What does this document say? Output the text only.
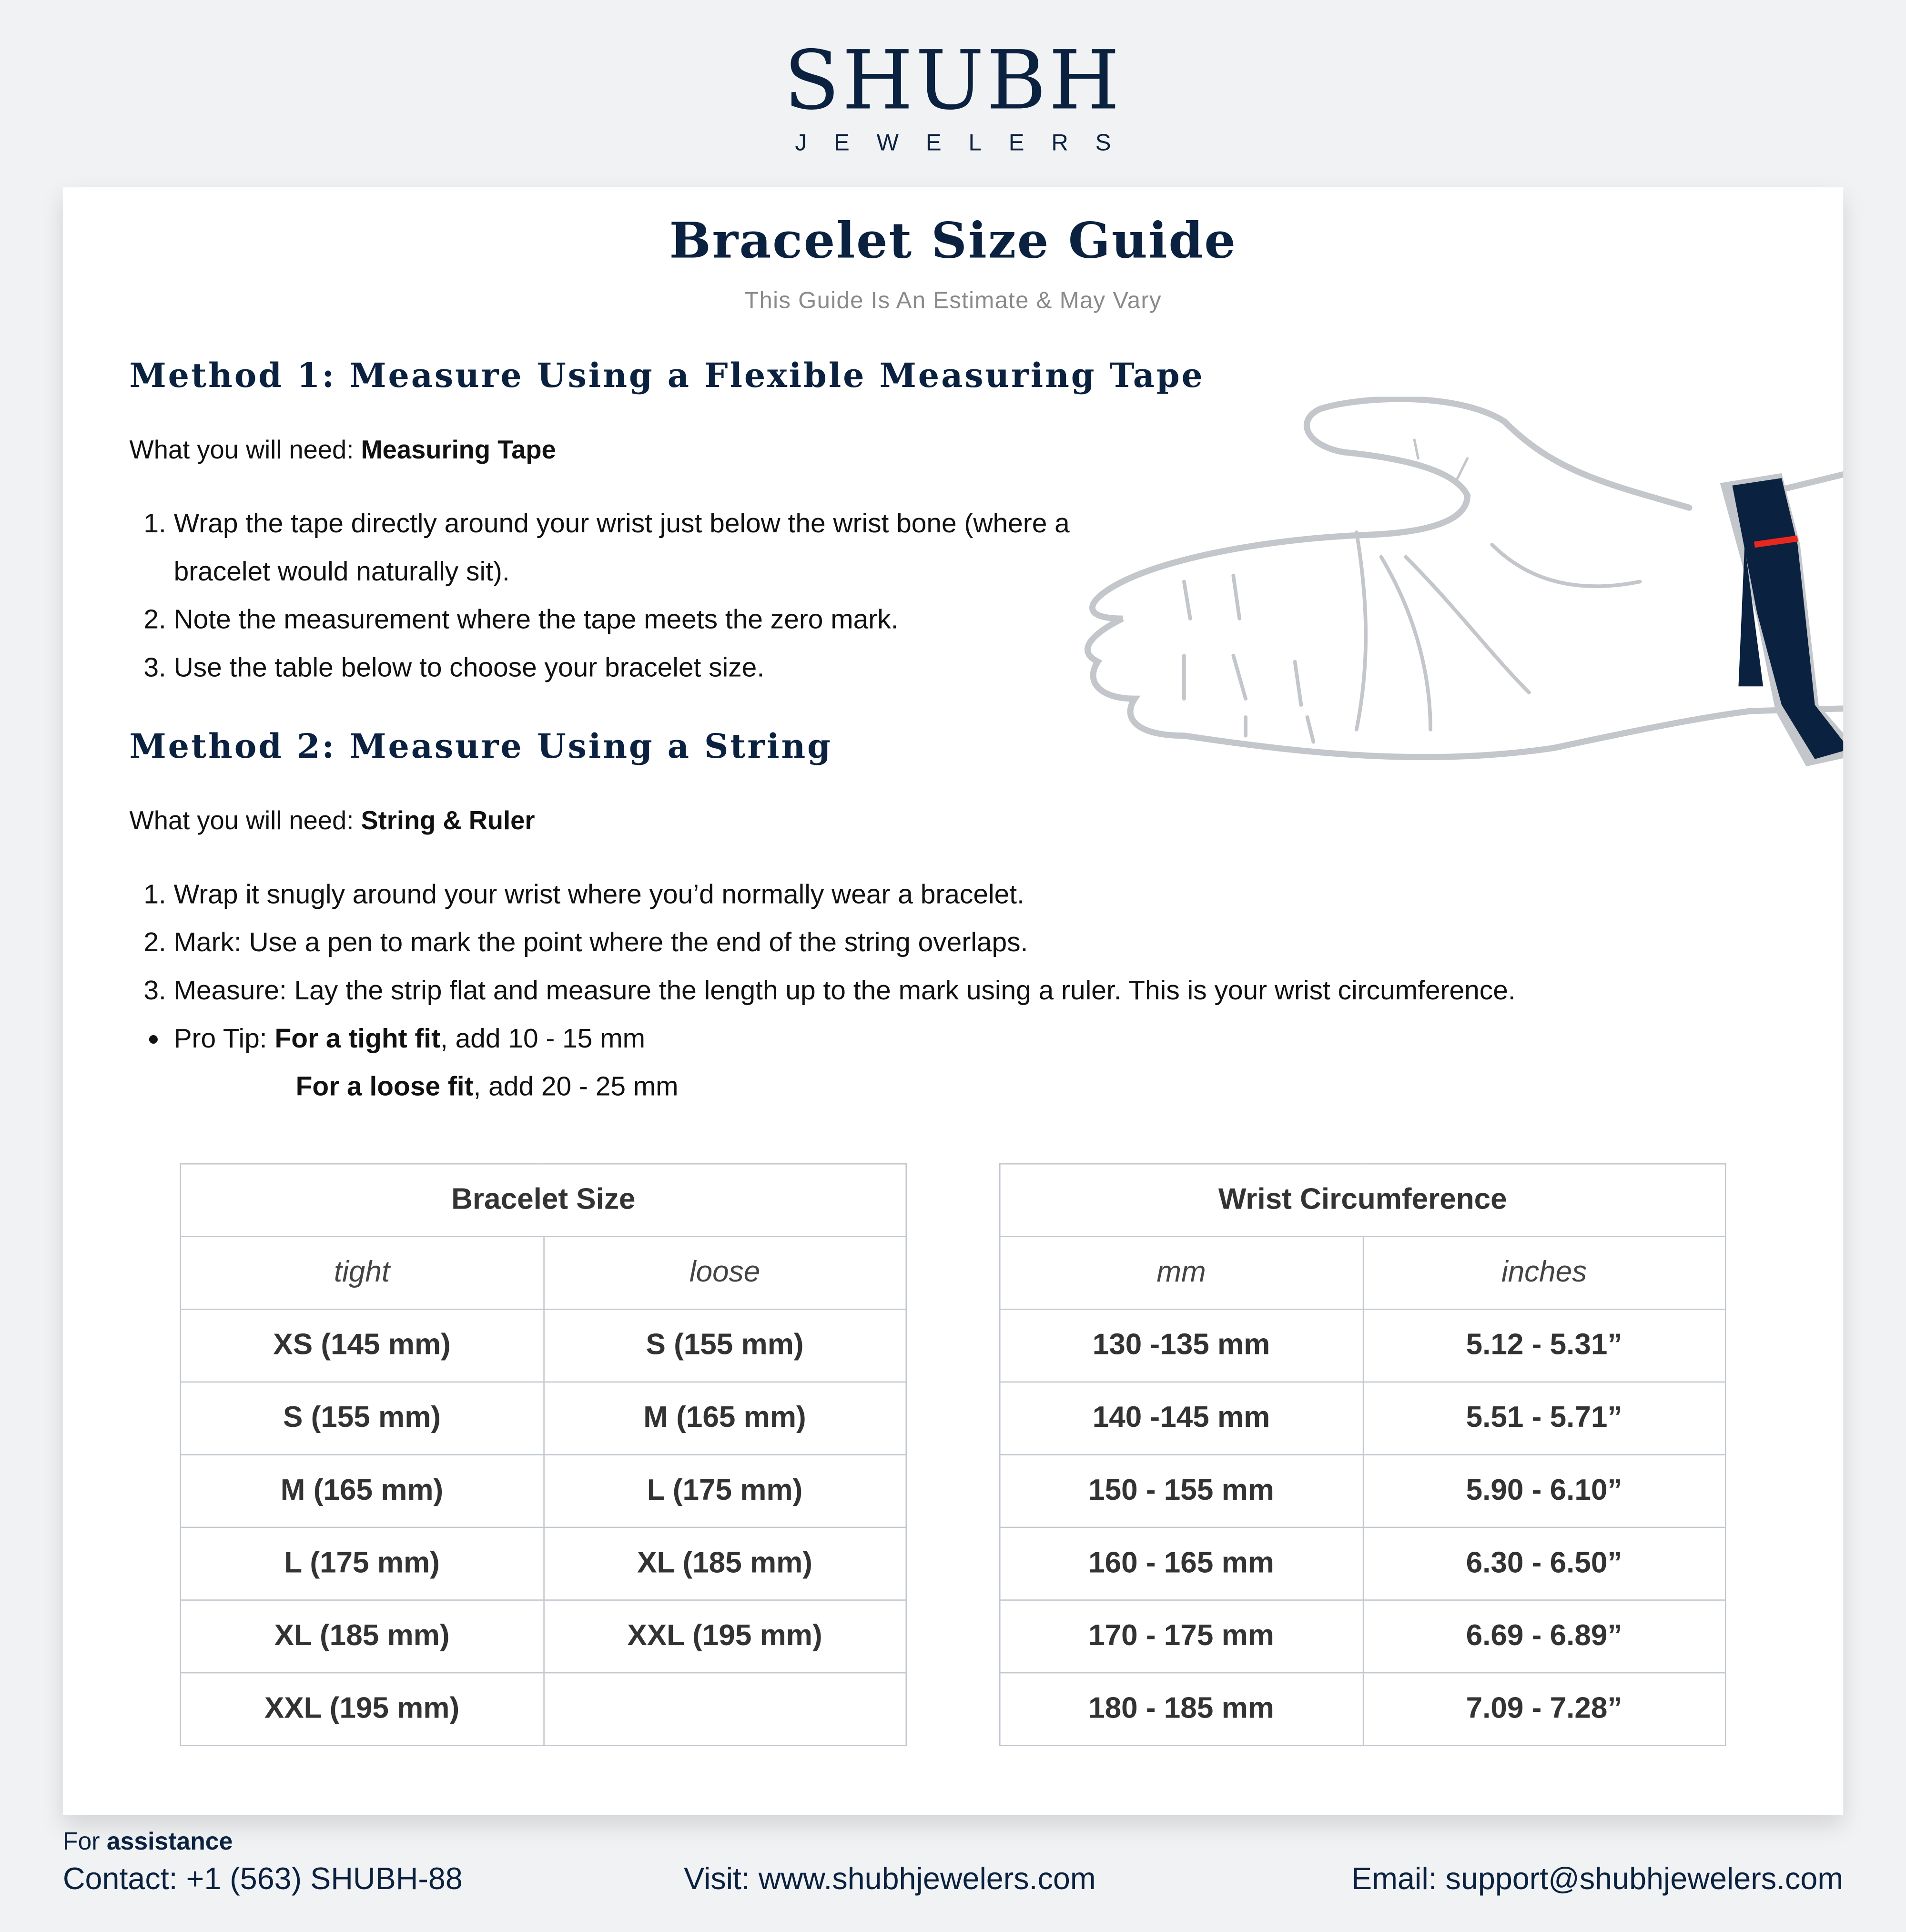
SHUBH
JEWELERS
Bracelet Size Guide
This Guide Is An Estimate & May Vary
Method 1: Measure Using a Flexible Measuring Tape
What you will need: Measuring Tape
1. Wrap the tape directly around your wrist just below the wrist bone (where a bracelet would naturally sit).
2. Note the measurement where the tape meets the zero mark.
3. Use the table below to choose your bracelet size.
Method 2: Measure Using a String
What you will need: String & Ruler
1. Wrap it snugly around your wrist where you’d normally wear a bracelet.
2. Mark: Use a pen to mark the point where the end of the string overlaps.
3. Measure: Lay the strip flat and measure the length up to the mark using a ruler. This is your wrist circumference.
• Pro Tip: For a tight fit, add 10 - 15 mm
For a loose fit, add 20 - 25 mm
Bracelet Size	
tight	loose
XS (145 mm)	S (155 mm)
S (155 mm)	M (165 mm)
M (165 mm)	L (175 mm)
L (175 mm)	XL (185 mm)
XL (185 mm)	XXL (195 mm)
XXL (195 mm)	
Wrist Circumference	
mm	inches
130 -135 mm	5.12 - 5.31”
140 -145 mm	5.51 - 5.71”
150 - 155 mm	5.90 - 6.10”
160 - 165 mm	6.30 - 6.50”
170 - 175 mm	6.69 - 6.89”
180 - 185 mm	7.09 - 7.28”
For assistance
Contact: +1 (563) SHUBH-88	Visit: www.shubhjewelers.com	Email: support@shubhjewelers.com
